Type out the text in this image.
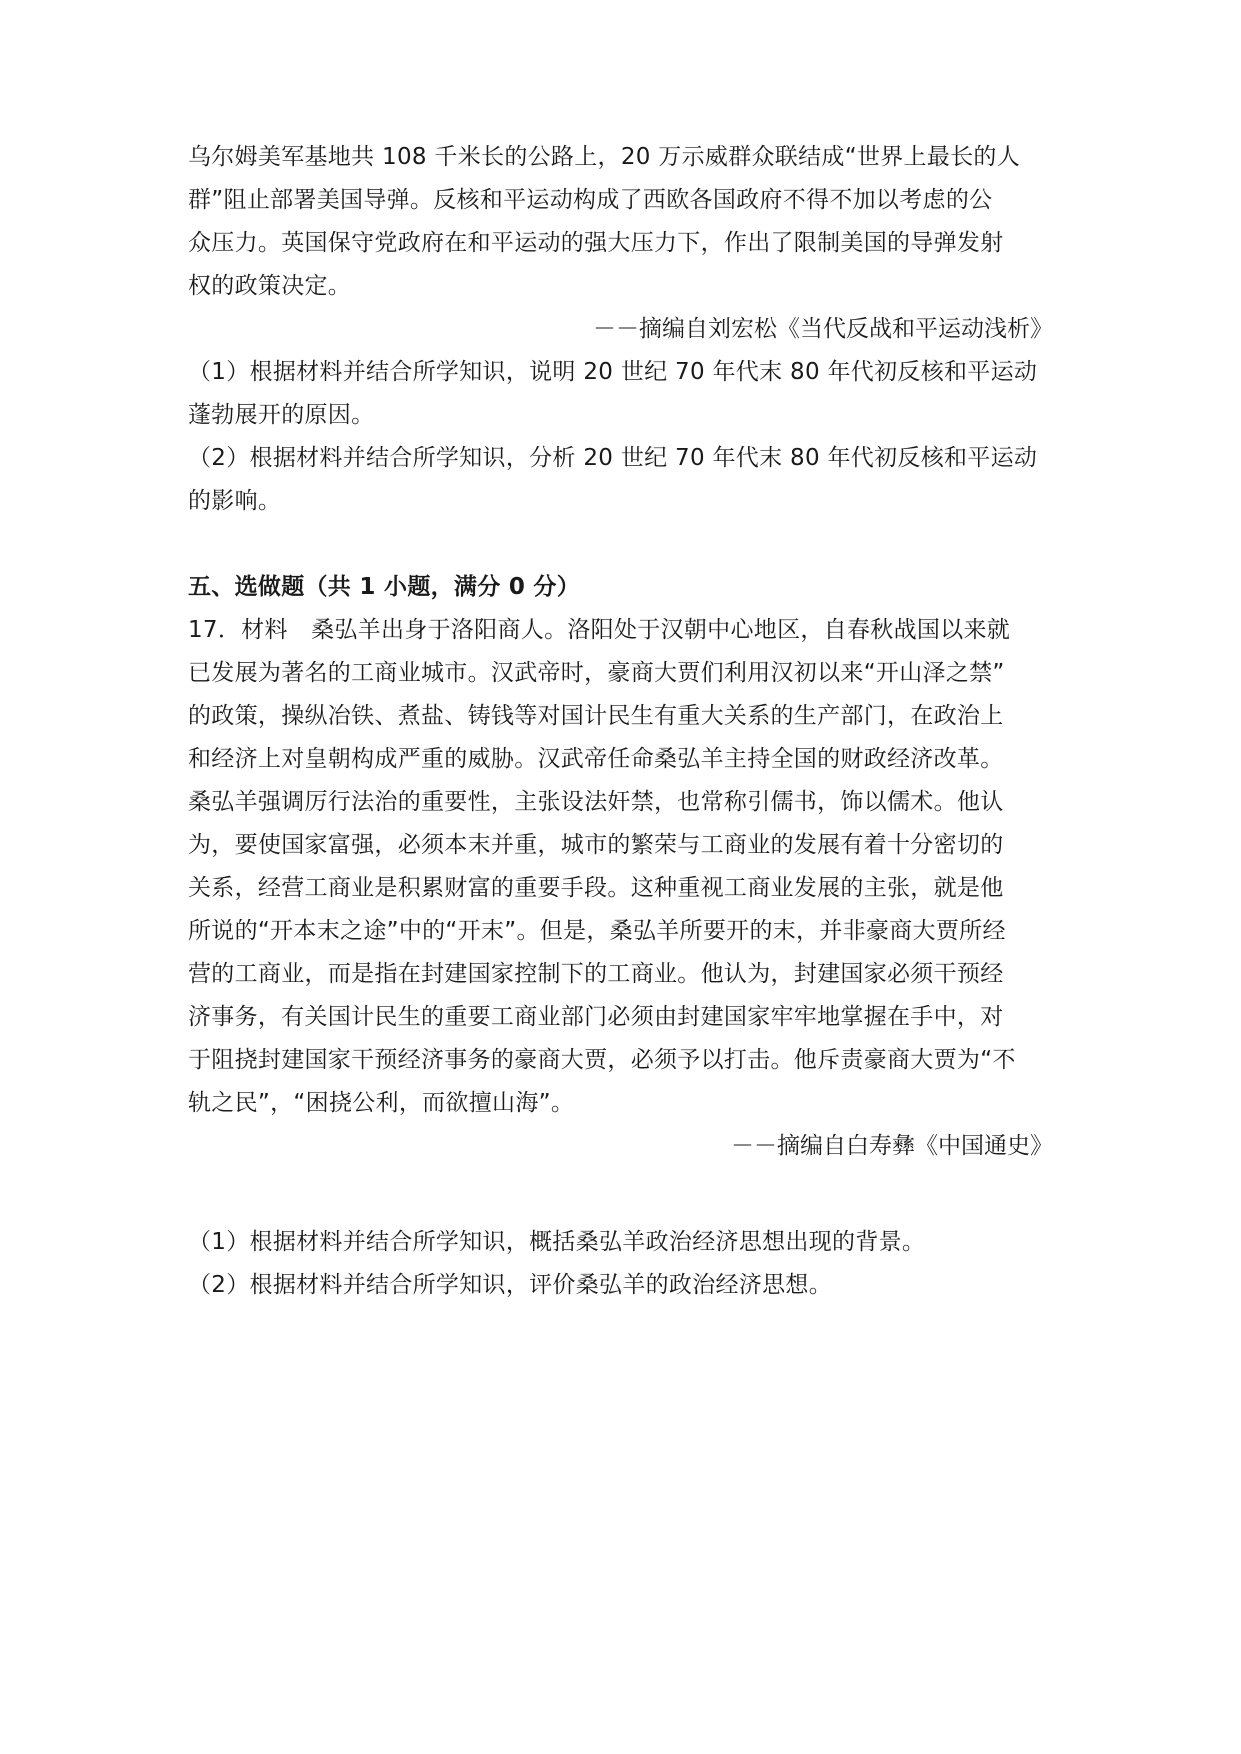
乌尔姆美军基地共 108 千米长的公路上，20 万示威群众联结成“世界上最长的人
群”阻止部署美国导弹。反核和平运动构成了西欧各国政府不得不加以考虑的公
众压力。英国保守党政府在和平运动的强大压力下，作出了限制美国的导弹发射
权的政策决定。
－－摘编自刘宏松《当代反战和平运动浅析》
（1）根据材料并结合所学知识，说明 20 世纪 70 年代末 80 年代初反核和平运动
蓬勃展开的原因。
（2）根据材料并结合所学知识，分析 20 世纪 70 年代末 80 年代初反核和平运动
的影响。
五、选做题（共 1 小题，满分 0 分）
17．材料　桑弘羊出身于洛阳商人。洛阳处于汉朝中心地区，自春秋战国以来就
已发展为著名的工商业城市。汉武帝时，豪商大贾们利用汉初以来“开山泽之禁”
的政策，操纵冶铁、煮盐、铸钱等对国计民生有重大关系的生产部门，在政治上
和经济上对皇朝构成严重的威胁。汉武帝任命桑弘羊主持全国的财政经济改革。
桑弘羊强调厉行法治的重要性，主张设法奸禁，也常称引儒书，饰以儒术。他认
为，要使国家富强，必须本末并重，城市的繁荣与工商业的发展有着十分密切的
关系，经营工商业是积累财富的重要手段。这种重视工商业发展的主张，就是他
所说的“开本末之途”中的“开末”。但是，桑弘羊所要开的末，并非豪商大贾所经
营的工商业，而是指在封建国家控制下的工商业。他认为，封建国家必须干预经
济事务，有关国计民生的重要工商业部门必须由封建国家牢牢地掌握在手中，对
于阻挠封建国家干预经济事务的豪商大贾，必须予以打击。他斥责豪商大贾为“不
轨之民”，“困挠公利，而欲擅山海”。
－－摘编自白寿彝《中国通史》
（1）根据材料并结合所学知识，概括桑弘羊政治经济思想出现的背景。
（2）根据材料并结合所学知识，评价桑弘羊的政治经济思想。
